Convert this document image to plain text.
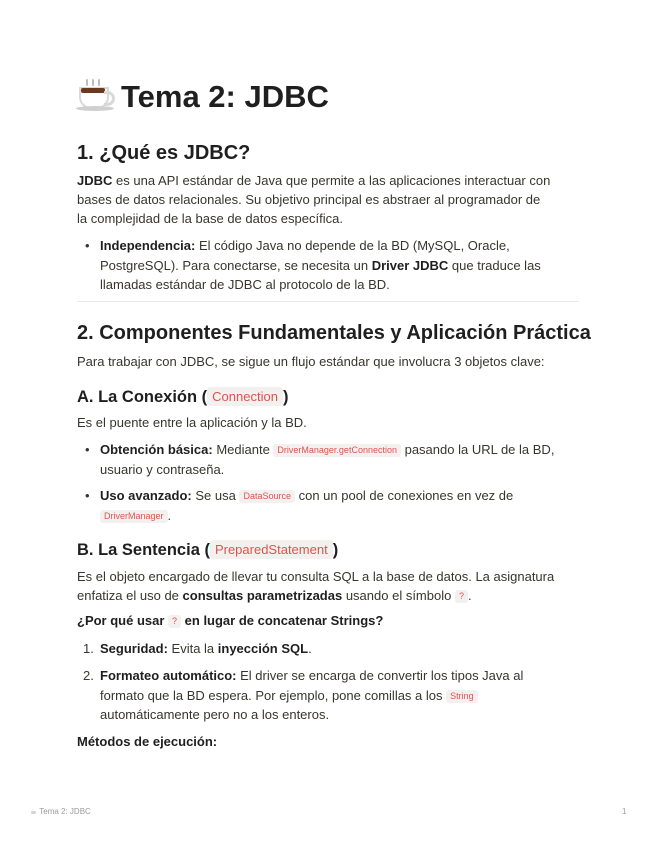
Tema 2: JDBC
1. ¿Qué es JDBC?

JDBC es una API estándar de Java que permite a las aplicaciones interactuar con
bases de datos relacionales. Su objetivo principal es abstraer al programador de
la complejidad de la base de datos específica.

• Independencia: El código Java no depende de la BD (MySQL, Oracle,
PostgreSQL). Para conectarse, se necesita un Driver JDBC que traduce las
llamadas estándar de JDBC al protocolo de la BD.
2. Componentes Fundamentales y Aplicación Práctica

Para trabajar con JDBC, se sigue un flujo estándar que involucra 3 objetos clave:

A. La Conexión ( Connection )

Es el puente entre la aplicación y la BD.

• Obtención básica: Mediante DriverManager.getConnection pasando la URL de la BD,
usuario y contraseña.
• Uso avanzado: Se usa DataSource con un pool de conexiones en vez de
DriverManager .
B. La Sentencia ( PreparedStatement )

Es el objeto encargado de llevar tu consulta SQL a la base de datos. La asignatura
enfatiza el uso de consultas parametrizadas usando el símbolo ? .

¿Por qué usar ? en lugar de concatenar Strings?

1. Seguridad: Evita la inyección SQL.
2. Formateo automático: El driver se encarga de convertir los tipos Java al
formato que la BD espera. Por ejemplo, pone comillas a los String
automáticamente pero no a los enteros.

Métodos de ejecución:

☕ Tema 2: JDBC	1
